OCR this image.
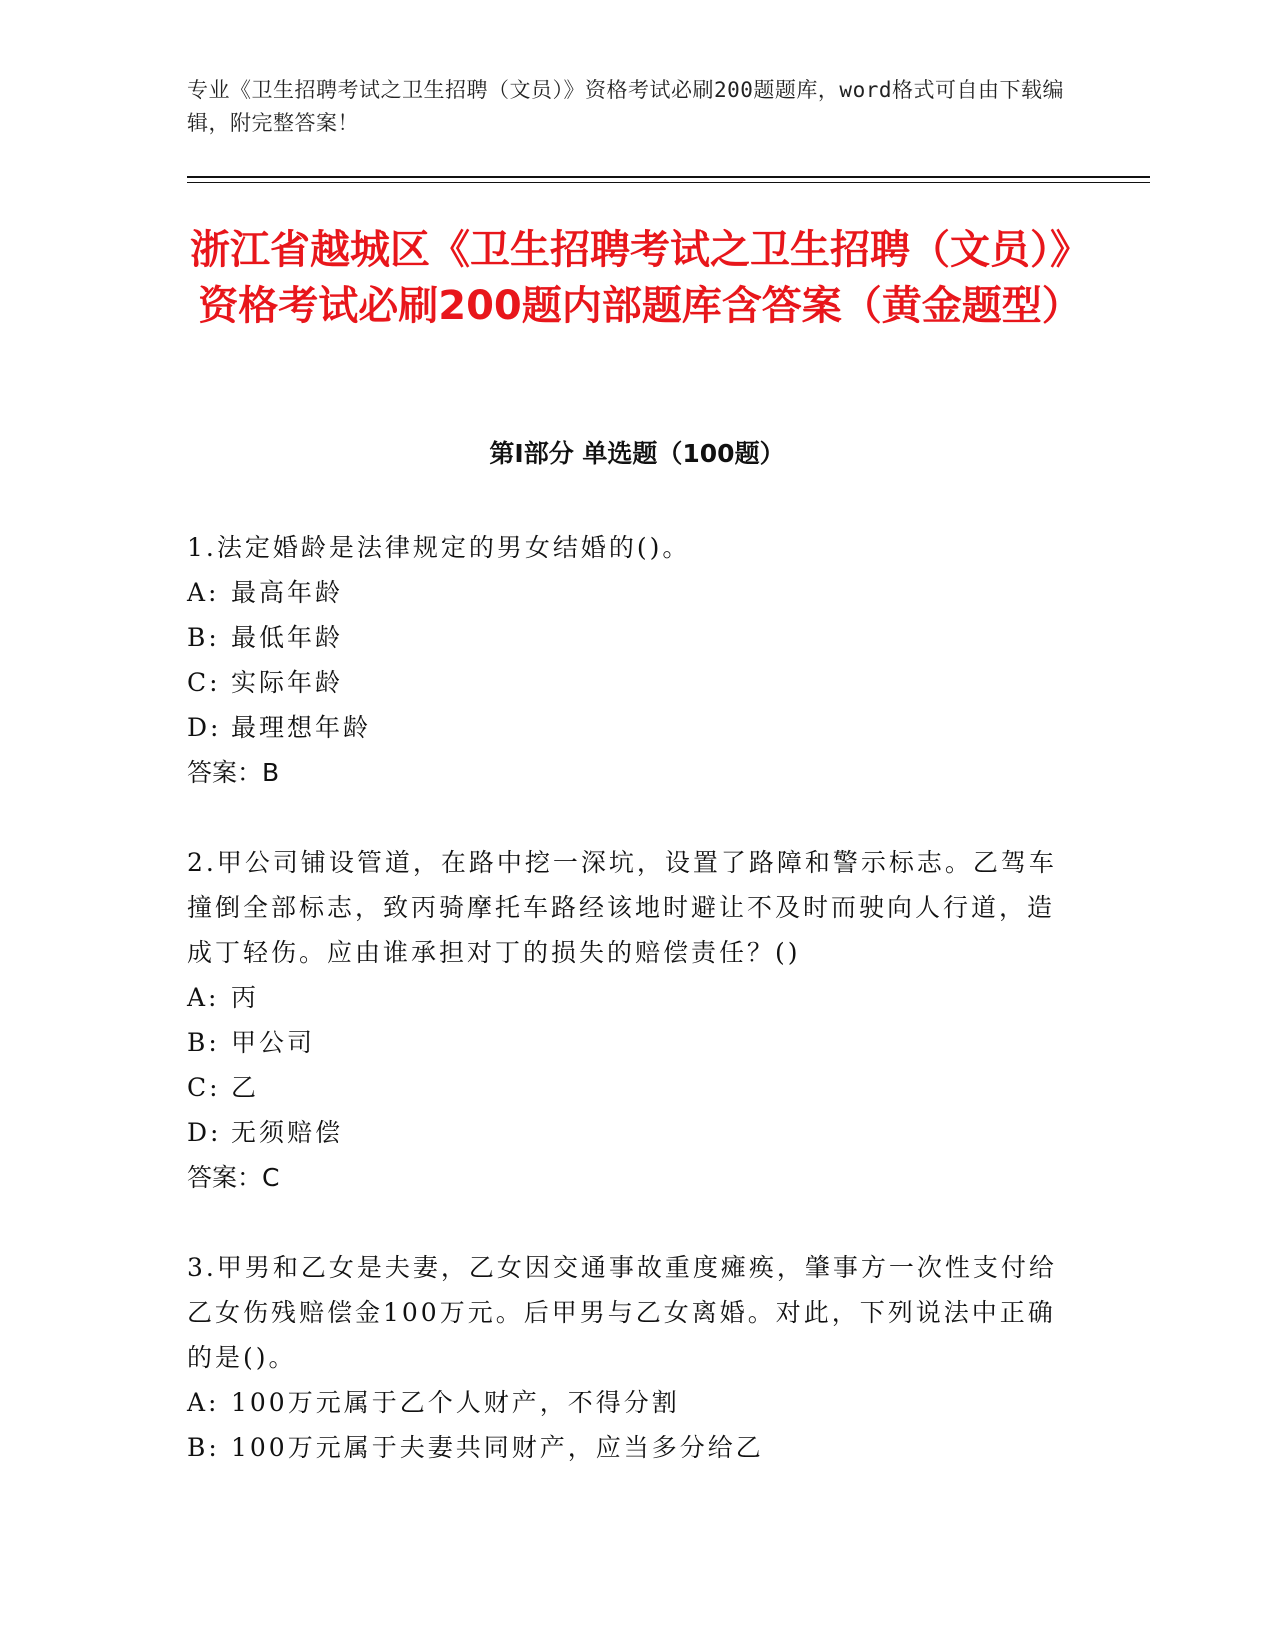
专业《卫生招聘考试之卫生招聘（文员）》资格考试必刷200题题库，word格式可自由下载编辑，附完整答案！
浙江省越城区《卫生招聘考试之卫生招聘（文员）》资格考试必刷200题内部题库含答案（黄金题型）
第Ⅰ部分 单选题（100题）

1.法定婚龄是法律规定的男女结婚的()。

A: 最高年龄

B: 最低年龄

C: 实际年龄

D: 最理想年龄

答案：B

2.甲公司铺设管道，在路中挖一深坑，设置了路障和警示标志。乙驾车撞倒全部标志，致丙骑摩托车路经该地时避让不及时而驶向人行道，造成丁轻伤。应由谁承担对丁的损失的赔偿责任？()

A: 丙

B: 甲公司

C: 乙

D: 无须赔偿

答案：C

3.甲男和乙女是夫妻，乙女因交通事故重度瘫痪，肇事方一次性支付给乙女伤残赔偿金100万元。后甲男与乙女离婚。对此，下列说法中正确的是()。

A: 100万元属于乙个人财产，不得分割

B: 100万元属于夫妻共同财产，应当多分给乙
